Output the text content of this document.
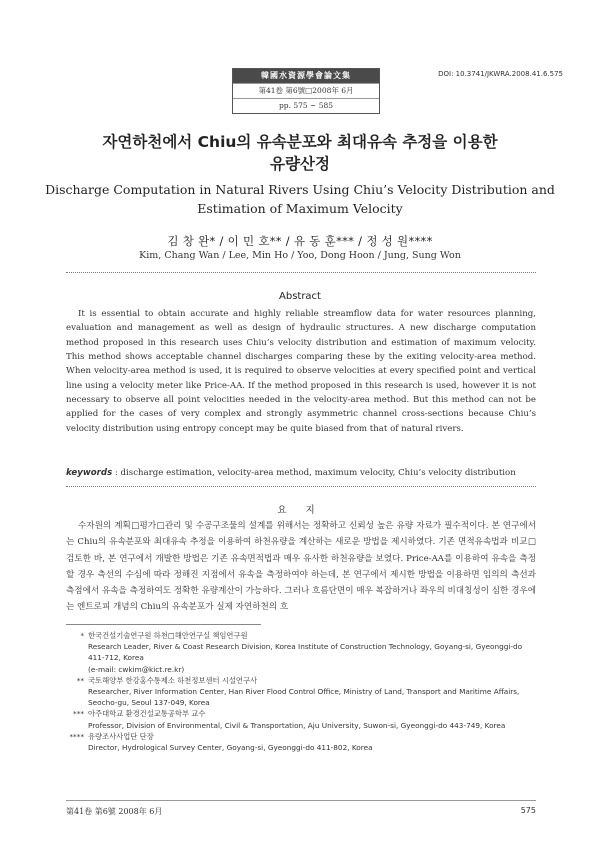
韓國水資源學會論文集
第41卷 第6號□2008年 6月
pp. 575 ~ 585
DOI: 10.3741/JKWRA.2008.41.6.575
자연하천에서 Chiu의 유속분포와 최대유속 추정을 이용한
유량산정
Discharge Computation in Natural Rivers Using Chiu’s Velocity Distribution and
Estimation of Maximum Velocity
김 창 완* / 이 민 호** / 유 동 훈*** / 정 성 원****
Kim, Chang Wan / Lee, Min Ho / Yoo, Dong Hoon / Jung, Sung Won
Abstract

It is essential to obtain accurate and highly reliable streamflow data for water resources planning, evaluation and management as well as design of hydraulic structures. A new discharge computation method proposed in this research uses Chiu’s velocity distribution and estimation of maximum velocity. This method shows acceptable channel discharges comparing these by the exiting velocity-area method. When velocity-area method is used, it is required to observe velocities at every specified point and vertical line using a velocity meter like Price-AA. If the method proposed in this research is used, however it is not necessary to observe all point velocities needed in the velocity-area method. But this method can not be applied for the cases of very complex and strongly asymmetric channel cross-sections because Chiu’s velocity distribution using entropy concept may be quite biased from that of natural rivers.

keywords : discharge estimation, velocity-area method, maximum velocity, Chiu’s velocity distribution
요 지

수자원의 계획□평가□관리 및 수공구조물의 설계를 위해서는 정확하고 신뢰성 높은 유량 자료가 필수적이다. 본 연구에서는 Chiu의 유속분포와 최대유속 추정을 이용하여 하천유량을 계산하는 새로운 방법을 제시하였다. 기존 면적유속법과 비교□검토한 바, 본 연구에서 개발한 방법은 기존 유속면적법과 매우 유사한 하천유량을 보였다. Price-AA를 이용하여 유속을 측정할 경우 측선의 수심에 따라 정해진 지점에서 유속을 측정하여야 하는데, 본 연구에서 제시한 방법을 이용하면 임의의 측선과 측점에서 유속을 측정하여도 정확한 유량계산이 가능하다. 그러나 흐름단면이 매우 복잡하거나 좌우의 비대칭성이 심한 경우에는 엔트로피 개념의 Chiu의 유속분포가 실제 자연하천의 흐

* 한국건설기술연구원 하천□해안연구실 책임연구원
Research Leader, River & Coast Research Division, Korea Institute of Construction Technology, Goyang-si, Gyeonggi-do 411-712, Korea
(e-mail: cwkim@kict.re.kr)
** 국토해양부 한강홍수통제소 하천정보센터 시설연구사
Researcher, River Information Center, Han River Flood Control Office, Ministry of Land, Transport and Maritime Affairs, Seocho-gu, Seoul 137-049, Korea
*** 아주대학교 환경건설교통공학부 교수
Professor, Division of Environmental, Civil & Transportation, Aju University, Suwon-si, Gyeonggi-do 443-749, Korea
**** 유량조사사업단 단장
Director, Hydrological Survey Center, Goyang-si, Gyeonggi-do 411-802, Korea
第41卷 第6號 2008年 6月	575
